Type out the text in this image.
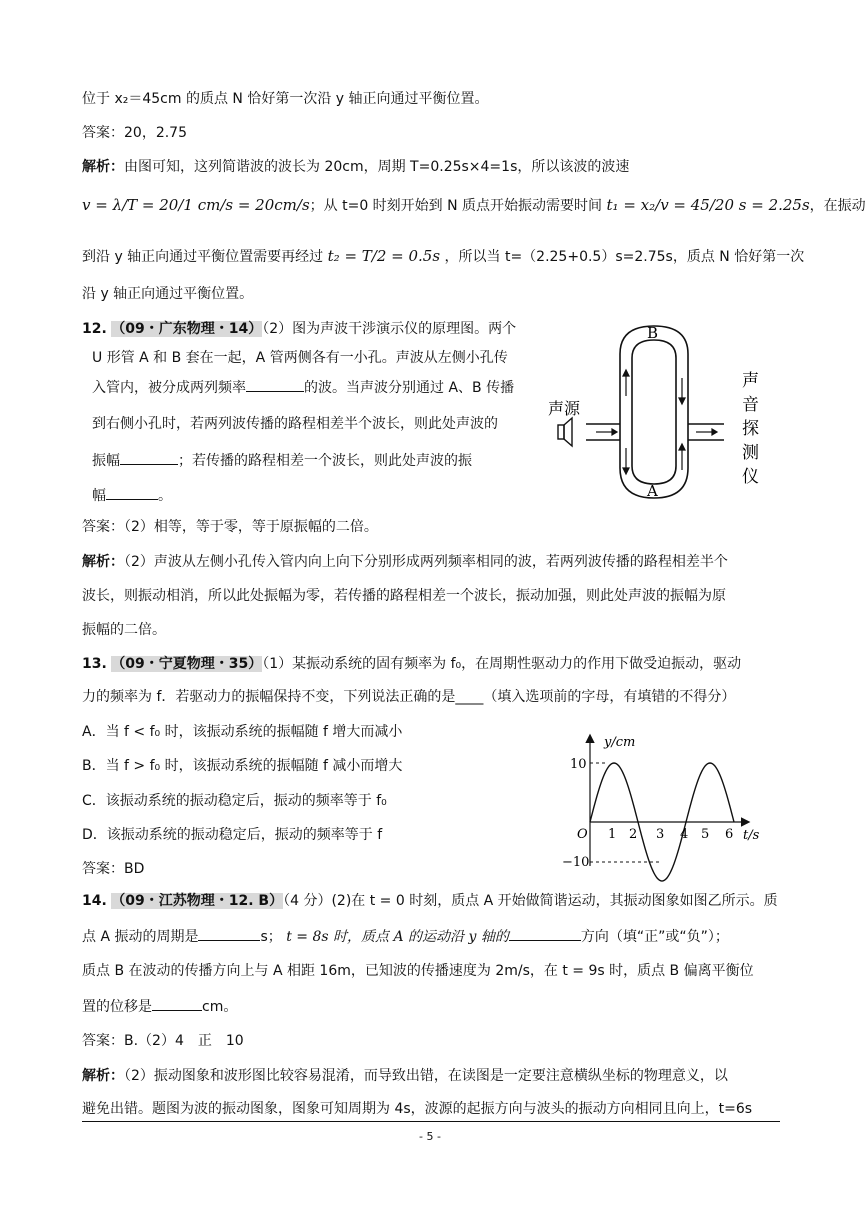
位于 x₂＝45cm 的质点 N 恰好第一次沿 y 轴正向通过平衡位置。
答案：20，2.75
解析：由图可知，这列简谐波的波长为 20cm，周期 T=0.25s×4=1s，所以该波的波速
v = λ/T = 20/1 cm/s = 20cm/s；从 t=0 时刻开始到 N 质点开始振动需要时间 t₁ = x₂/v = 45/20 s = 2.25s，在振动
到沿 y 轴正向通过平衡位置需要再经过 t₂ = T/2 = 0.5s ，所以当 t=（2.25+0.5）s=2.75s，质点 N 恰好第一次
沿 y 轴正向通过平衡位置。
12. （09・广东物理・14）（2）图为声波干涉演示仪的原理图。两个
U 形管 A 和 B 套在一起，A 管两侧各有一小孔。声波从左侧小孔传
入管内，被分成两列频率	的波。当声波分别通过 A、B 传播
到右侧小孔时，若两列波传播的路程相差半个波长，则此处声波的
振幅	；若传播的路程相差一个波长，则此处声波的振
幅	。
B
A
声源
声
音
探
测
仪
答案：（2）相等，等于零，等于原振幅的二倍。
解析：（2）声波从左侧小孔传入管内向上向下分别形成两列频率相同的波，若两列波传播的路程相差半个
波长，则振动相消，所以此处振幅为零，若传播的路程相差一个波长，振动加强，则此处声波的振幅为原
振幅的二倍。
13. （09・宁夏物理・35）（1）某振动系统的固有频率为 f₀，在周期性驱动力的作用下做受迫振动，驱动
力的频率为 f．若驱动力的振幅保持不变，下列说法正确的是____（填入选项前的字母，有填错的不得分）
A．当 f < f₀ 时，该振动系统的振幅随 f 增大而减小
B．当 f > f₀ 时，该振动系统的振幅随 f 减小而增大
C．该振动系统的振动稳定后，振动的频率等于 f₀
D．该振动系统的振动稳定后，振动的频率等于 f
答案：BD
y/cm
t/s
O
10
−10
1 2 3 4 5 6
14. （09・江苏物理・12. B）（4 分）(2)在 t = 0 时刻，质点 A 开始做简谐运动，其振动图象如图乙所示。质
点 A 振动的周期是	s； t = 8s 时，质点 A 的运动沿 y 轴的	方向（填“正”或“负”）；
质点 B 在波动的传播方向上与 A 相距 16m，已知波的传播速度为 2m/s，在 t = 9s 时，质点 B 偏离平衡位
置的位移是	cm。
答案：B.（2）4　正　10
解析：（2）振动图象和波形图比较容易混淆，而导致出错，在读图是一定要注意横纵坐标的物理意义，以
避免出错。题图为波的振动图象，图象可知周期为 4s，波源的起振方向与波头的振动方向相同且向上，t=6s
- 5 -
